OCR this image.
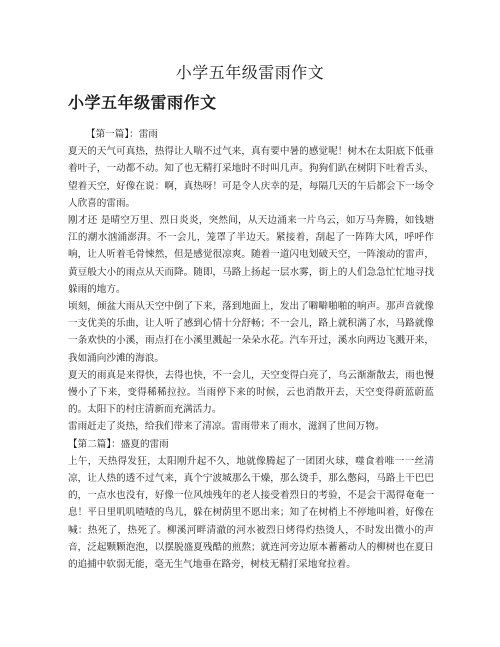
小学五年级雷雨作文
小学五年级雷雨作文

【第一篇】：雷雨

夏天的天气可真热，热得让人喘不过气来，真有要中暑的感觉呢！树木在太阳底下低垂着叶子，一动都不动。知了也无精打采地时不时叫几声。狗狗们趴在树阴下吐着舌头，望着天空，好像在说：啊，真热呀！可是令人庆幸的是，每隔几天的午后都会下一场令人欣喜的雷雨。

刚才还 是晴空万里、烈日炎炎，突然间，从天边涌来一片乌云，如万马奔腾，如钱塘江的潮水汹涌澎湃。不一会儿，笼罩了半边天。紧接着，刮起了一阵阵大风，呼呼作响，让人听着毛骨悚然，但是感觉很凉爽。随着一道闪电划破天空，一阵滚动的雷声，黄豆般大小的雨点从天而降。随即，马路上扬起一层水雾，街上的人们急急忙忙地寻找躲雨的地方。

顷刻，倾盆大雨从天空中倒了下来，落到地面上，发出了噼噼啪啪的响声。那声音就像一支优美的乐曲，让人听了感到心情十分舒畅；不一会儿，路上就积满了水，马路就像一条欢快的小溪，雨点打在小溪里溅起一朵朵水花。汽车开过，溪水向两边飞溅开来，我如涌向沙滩的海浪。

夏天的雨真是来得快，去得也快，不一会儿，天空变得白亮了，乌云渐渐散去，雨也慢慢小了下来，变得稀稀拉拉。当雨停下来的时候，云也消散开去，天空变得蔚蓝蔚蓝的。太阳下的村庄清新而充满活力。

雷雨赶走了炎热，给我们带来了清凉。雷雨带来了雨水，滋润了世间万物。

【第二篇】：盛夏的雷雨

上午，天热得发狂，太阳刚升起不久，地就像腾起了一团团火球，噬食着唯一一丝清凉，让人热的透不过气来，真个宁波城那么干燥，那么烫手，那么憋闷，马路上干巴巴的，一点水也没有，好像一位风烛残年的老人接受着烈日的考验，不是会干渴得奄奄一息！平日里叽叽喳喳的鸟儿，躲在树荫里不愿出来；知了在树梢上不停地叫着，好像在喊：热死了，热死了。柳溪河畔清澈的河水被烈日烤得灼热烫人，不时发出微小的声音，泛起颗颗泡泡，以摆脱盛夏残酷的煎熬；就连河旁边原本蓄蓄动人的柳树也在夏日的追捕中软弱无能，毫无生气地垂在路旁，树枝无精打采地耷拉着。
